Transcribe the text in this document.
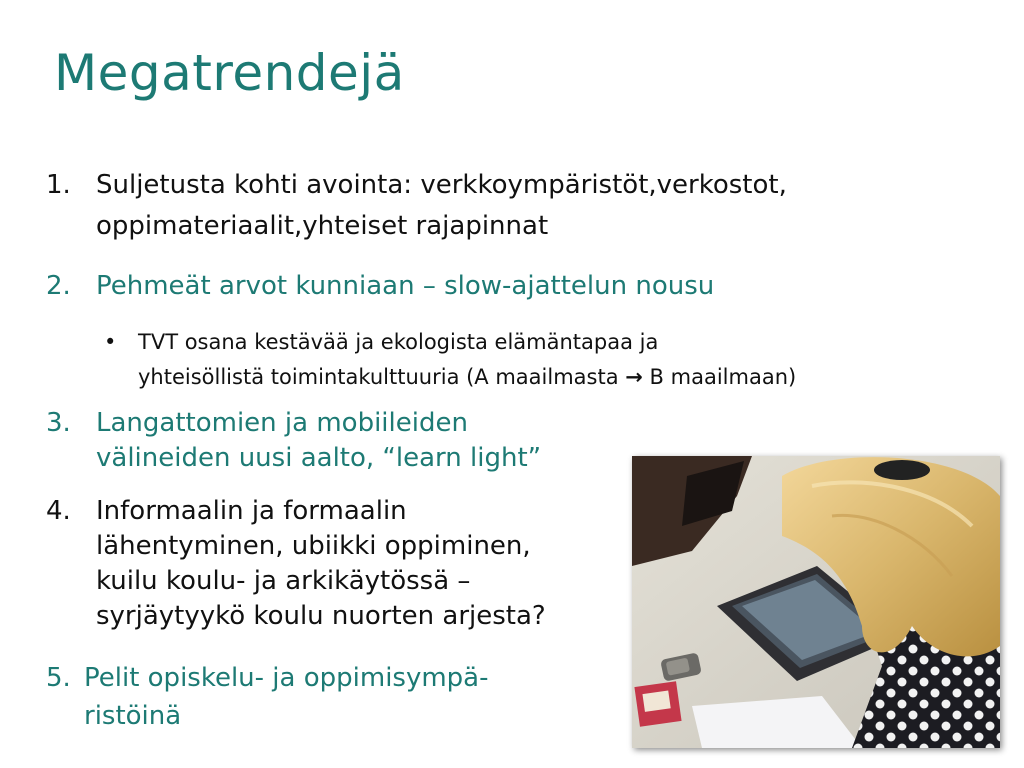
Megatrendejä
1. Suljetusta kohti avointa: verkkoympäristöt,verkostot,
oppimateriaalit,yhteiset rajapinnat
2. Pehmeät arvot kunniaan – slow-ajattelun nousu
• TVT osana kestävää ja ekologista elämäntapaa ja
yhteisöllistä toimintakulttuuria (A maailmasta → B maailmaan)
3. Langattomien ja mobiileiden
välineiden uusi aalto, “learn light”
4. Informaalin ja formaalin
lähentyminen, ubiikki oppiminen,
kuilu koulu- ja arkikäytössä –
syrjäytyykö koulu nuorten arjesta?
5. Pelit opiskelu- ja oppimisympä-
ristöinä
